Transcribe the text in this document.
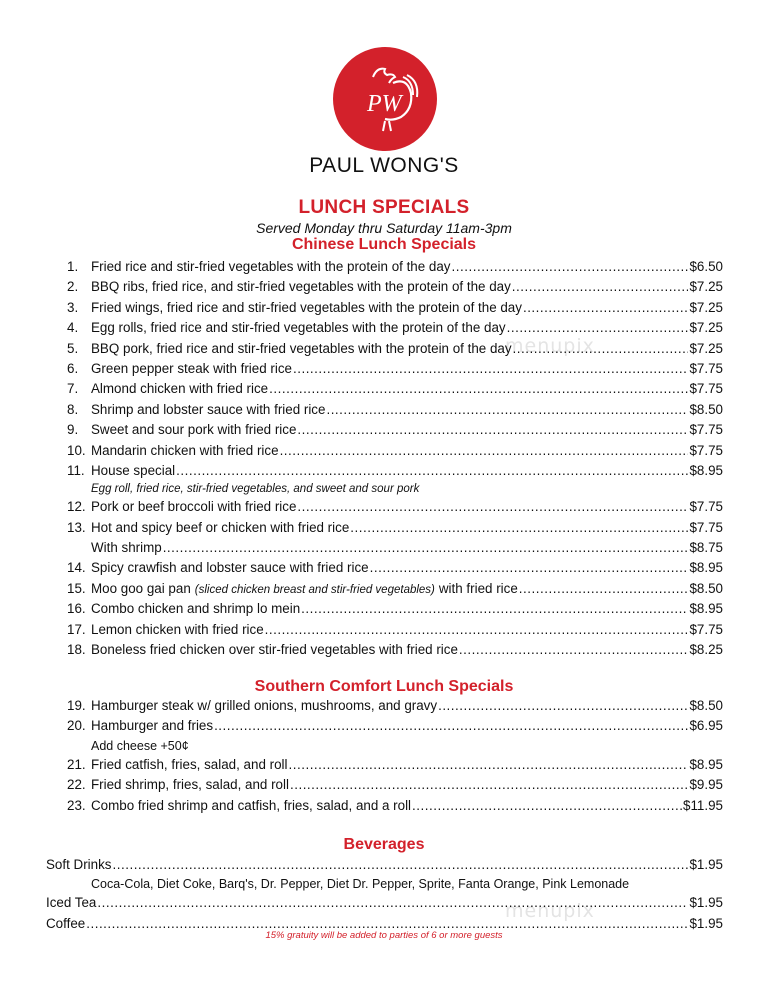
PW
PAUL WONG'S
LUNCH SPECIALS
Served Monday thru Saturday 11am-3pm
Chinese Lunch Specials
menupix
menupix
1. Fried rice and stir-fried vegetables with the protein of the day . . .	$6.50
2. BBQ ribs, fried rice, and stir-fried vegetables with the protein of the day . . .	$7.25
3. Fried wings, fried rice and stir-fried vegetables with the protein of the day . . .	$7.25
4. Egg rolls, fried rice and stir-fried vegetables with the protein of the day . . .	$7.25
5. BBQ pork, fried rice and stir-fried vegetables with the protein of the day . . .	$7.25
6. Green pepper steak with fried rice . . .	$7.75
7. Almond chicken with fried rice . . .	$7.75
8. Shrimp and lobster sauce with fried rice . . .	$8.50
9. Sweet and sour pork with fried rice . . .	$7.75
10. Mandarin chicken with fried rice . . .	$7.75
11. House special . . .	$8.95
Egg roll, fried rice, stir-fried vegetables, and sweet and sour pork
12. Pork or beef broccoli with fried rice . . .	$7.75
13. Hot and spicy beef or chicken with fried rice . . .	$7.75
With shrimp . . .	$8.75
14. Spicy crawfish and lobster sauce with fried rice . . .	$8.95
15. Moo goo gai pan (sliced chicken breast and stir-fried vegetables) with fried rice . . .	$8.50
16. Combo chicken and shrimp lo mein . . .	$8.95
17. Lemon chicken with fried rice . . .	$7.75
18. Boneless fried chicken over stir-fried vegetables with fried rice . . .	$8.25
Southern Comfort Lunch Specials
19. Hamburger steak w/ grilled onions, mushrooms, and gravy . . .	$8.50
20. Hamburger and fries . . .	$6.95
Add cheese +50¢
21. Fried catfish, fries, salad, and roll . . .	$8.95
22. Fried shrimp, fries, salad, and roll . . .	$9.95
23. Combo fried shrimp and catfish, fries, salad, and a roll . . .	$11.95
Beverages
Soft Drinks . . .	$1.95
Coca-Cola, Diet Coke, Barq's, Dr. Pepper, Diet Dr. Pepper, Sprite, Fanta Orange, Pink Lemonade
Iced Tea . . .	$1.95
Coffee . . .	$1.95
15% gratuity will be added to parties of 6 or more guests
